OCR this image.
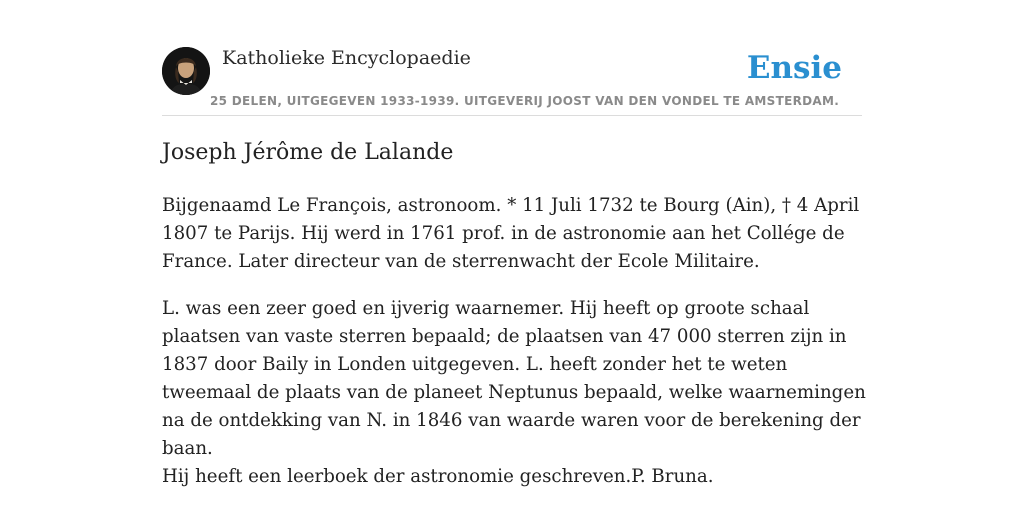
Katholieke Encyclopaedie
25 DELEN, UITGEGEVEN 1933-1939. UITGEVERIJ JOOST VAN DEN VONDEL TE AMSTERDAM.
Ensie
Joseph Jérôme de Lalande

Bijgenaamd Le François, astronoom. * 11 Juli 1732 te Bourg (Ain), † 4 April 1807 te Parijs. Hij werd in 1761 prof. in de astronomie aan het Collége de France. Later directeur van de sterrenwacht der Ecole Militaire.

L. was een zeer goed en ijverig waarnemer. Hij heeft op groote schaal plaatsen van vaste sterren bepaald; de plaatsen van 47 000 sterren zijn in 1837 door Baily in Londen uitgegeven. L. heeft zonder het te weten tweemaal de plaats van de planeet Neptunus bepaald, welke waarnemingen na de ontdekking van N. in 1846 van waarde waren voor de berekening der baan.

Hij heeft een leerboek der astronomie geschreven.P. Bruna.
